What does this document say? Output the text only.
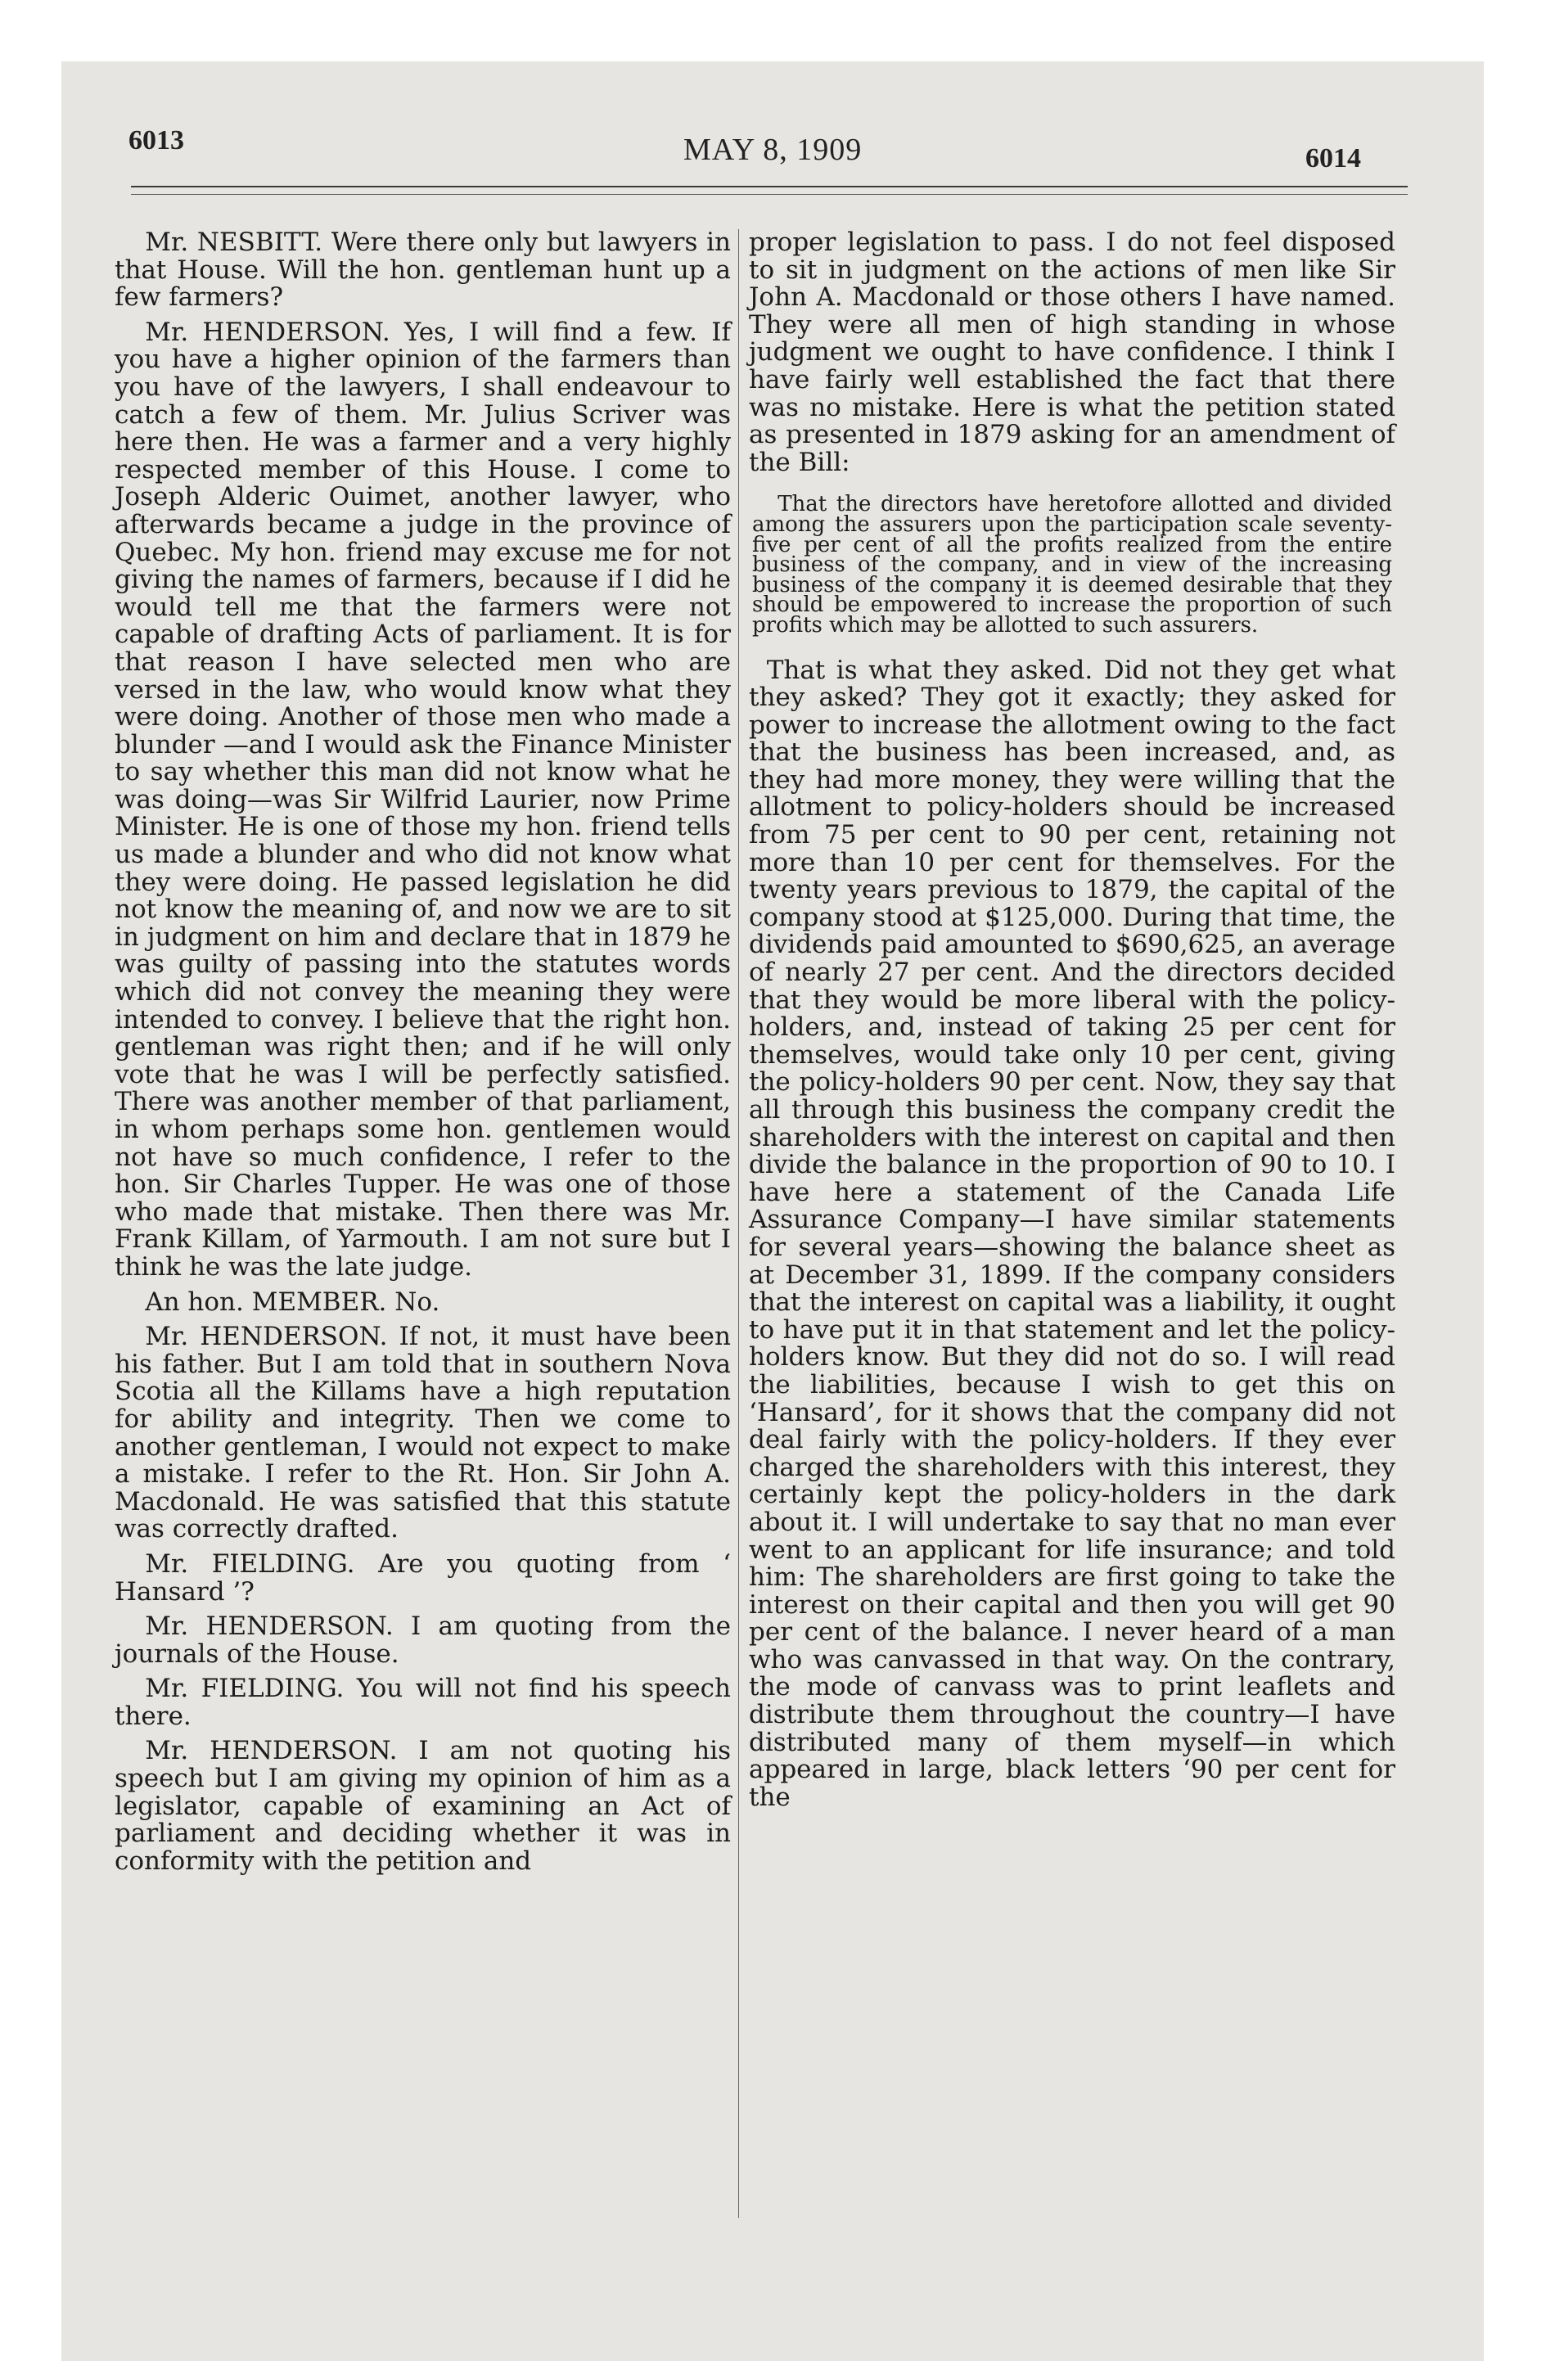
6013	MAY 8, 1909	6014

Mr. NESBITT. Were there only but lawyers in that House. Will the hon. gentleman hunt up a few farmers?

Mr. HENDERSON. Yes, I will find a few. If you have a higher opinion of the farmers than you have of the lawyers, I shall endeavour to catch a few of them. Mr. Julius Scriver was here then. He was a farmer and a very highly respected member of this House. I come to Joseph Alderic Ouimet, another lawyer, who afterwards became a judge in the province of Quebec. My hon. friend may excuse me for not giving the names of farmers, because if I did he would tell me that the farmers were not capable of drafting Acts of parliament. It is for that reason I have selected men who are versed in the law, who would know what they were doing. Another of those men who made a blunder —and I would ask the Finance Minister to say whether this man did not know what he was doing—was Sir Wilfrid Laurier, now Prime Minister. He is one of those my hon. friend tells us made a blunder and who did not know what they were doing. He passed legislation he did not know the meaning of, and now we are to sit in judgment on him and declare that in 1879 he was guilty of passing into the statutes words which did not convey the meaning they were intended to convey. I believe that the right hon. gentleman was right then; and if he will only vote that he was I will be perfectly satisfied. There was another member of that parliament, in whom perhaps some hon. gentlemen would not have so much confidence, I refer to the hon. Sir Charles Tupper. He was one of those who made that mistake. Then there was Mr. Frank Killam, of Yarmouth. I am not sure but I think he was the late judge.

An hon. MEMBER. No.

Mr. HENDERSON. If not, it must have been his father. But I am told that in southern Nova Scotia all the Killams have a high reputation for ability and integrity. Then we come to another gentleman, I would not expect to make a mistake. I refer to the Rt. Hon. Sir John A. Macdonald. He was satisfied that this statute was correctly drafted.

Mr. FIELDING. Are you quoting from ‘ Hansard ’?

Mr. HENDERSON. I am quoting from the journals of the House.

Mr. FIELDING. You will not find his speech there.

Mr. HENDERSON. I am not quoting his speech but I am giving my opinion of him as a legislator, capable of examining an Act of parliament and deciding whether it was in conformity with the petition and

proper legislation to pass. I do not feel disposed to sit in judgment on the actions of men like Sir John A. Macdonald or those others I have named. They were all men of high standing in whose judgment we ought to have confidence. I think I have fairly well established the fact that there was no mistake. Here is what the petition stated as presented in 1879 asking for an amendment of the Bill:

That the directors have heretofore allotted and divided among the assurers upon the participation scale seventy-five per cent of all the profits realized from the entire business of the company, and in view of the increasing business of the company it is deemed desirable that they should be empowered to increase the proportion of such profits which may be allotted to such assurers.

That is what they asked. Did not they get what they asked? They got it exactly; they asked for power to increase the allotment owing to the fact that the business has been increased, and, as they had more money, they were willing that the allotment to policy-holders should be increased from 75 per cent to 90 per cent, retaining not more than 10 per cent for themselves. For the twenty years previous to 1879, the capital of the company stood at $125,000. During that time, the dividends paid amounted to $690,625, an average of nearly 27 per cent. And the directors decided that they would be more liberal with the policy-holders, and, instead of taking 25 per cent for themselves, would take only 10 per cent, giving the policy-holders 90 per cent. Now, they say that all through this business the company credit the shareholders with the interest on capital and then divide the balance in the proportion of 90 to 10. I have here a statement of the Canada Life Assurance Company—I have similar statements for several years—showing the balance sheet as at December 31, 1899. If the company considers that the interest on capital was a liability, it ought to have put it in that statement and let the policy-holders know. But they did not do so. I will read the liabilities, because I wish to get this on ‘Hansard’, for it shows that the company did not deal fairly with the policy-holders. If they ever charged the shareholders with this interest, they certainly kept the policy-holders in the dark about it. I will undertake to say that no man ever went to an applicant for life insurance; and told him: The shareholders are first going to take the interest on their capital and then you will get 90 per cent of the balance. I never heard of a man who was canvassed in that way. On the contrary, the mode of canvass was to print leaflets and distribute them throughout the country—I have distributed many of them myself—in which appeared in large, black letters ‘90 per cent for the
